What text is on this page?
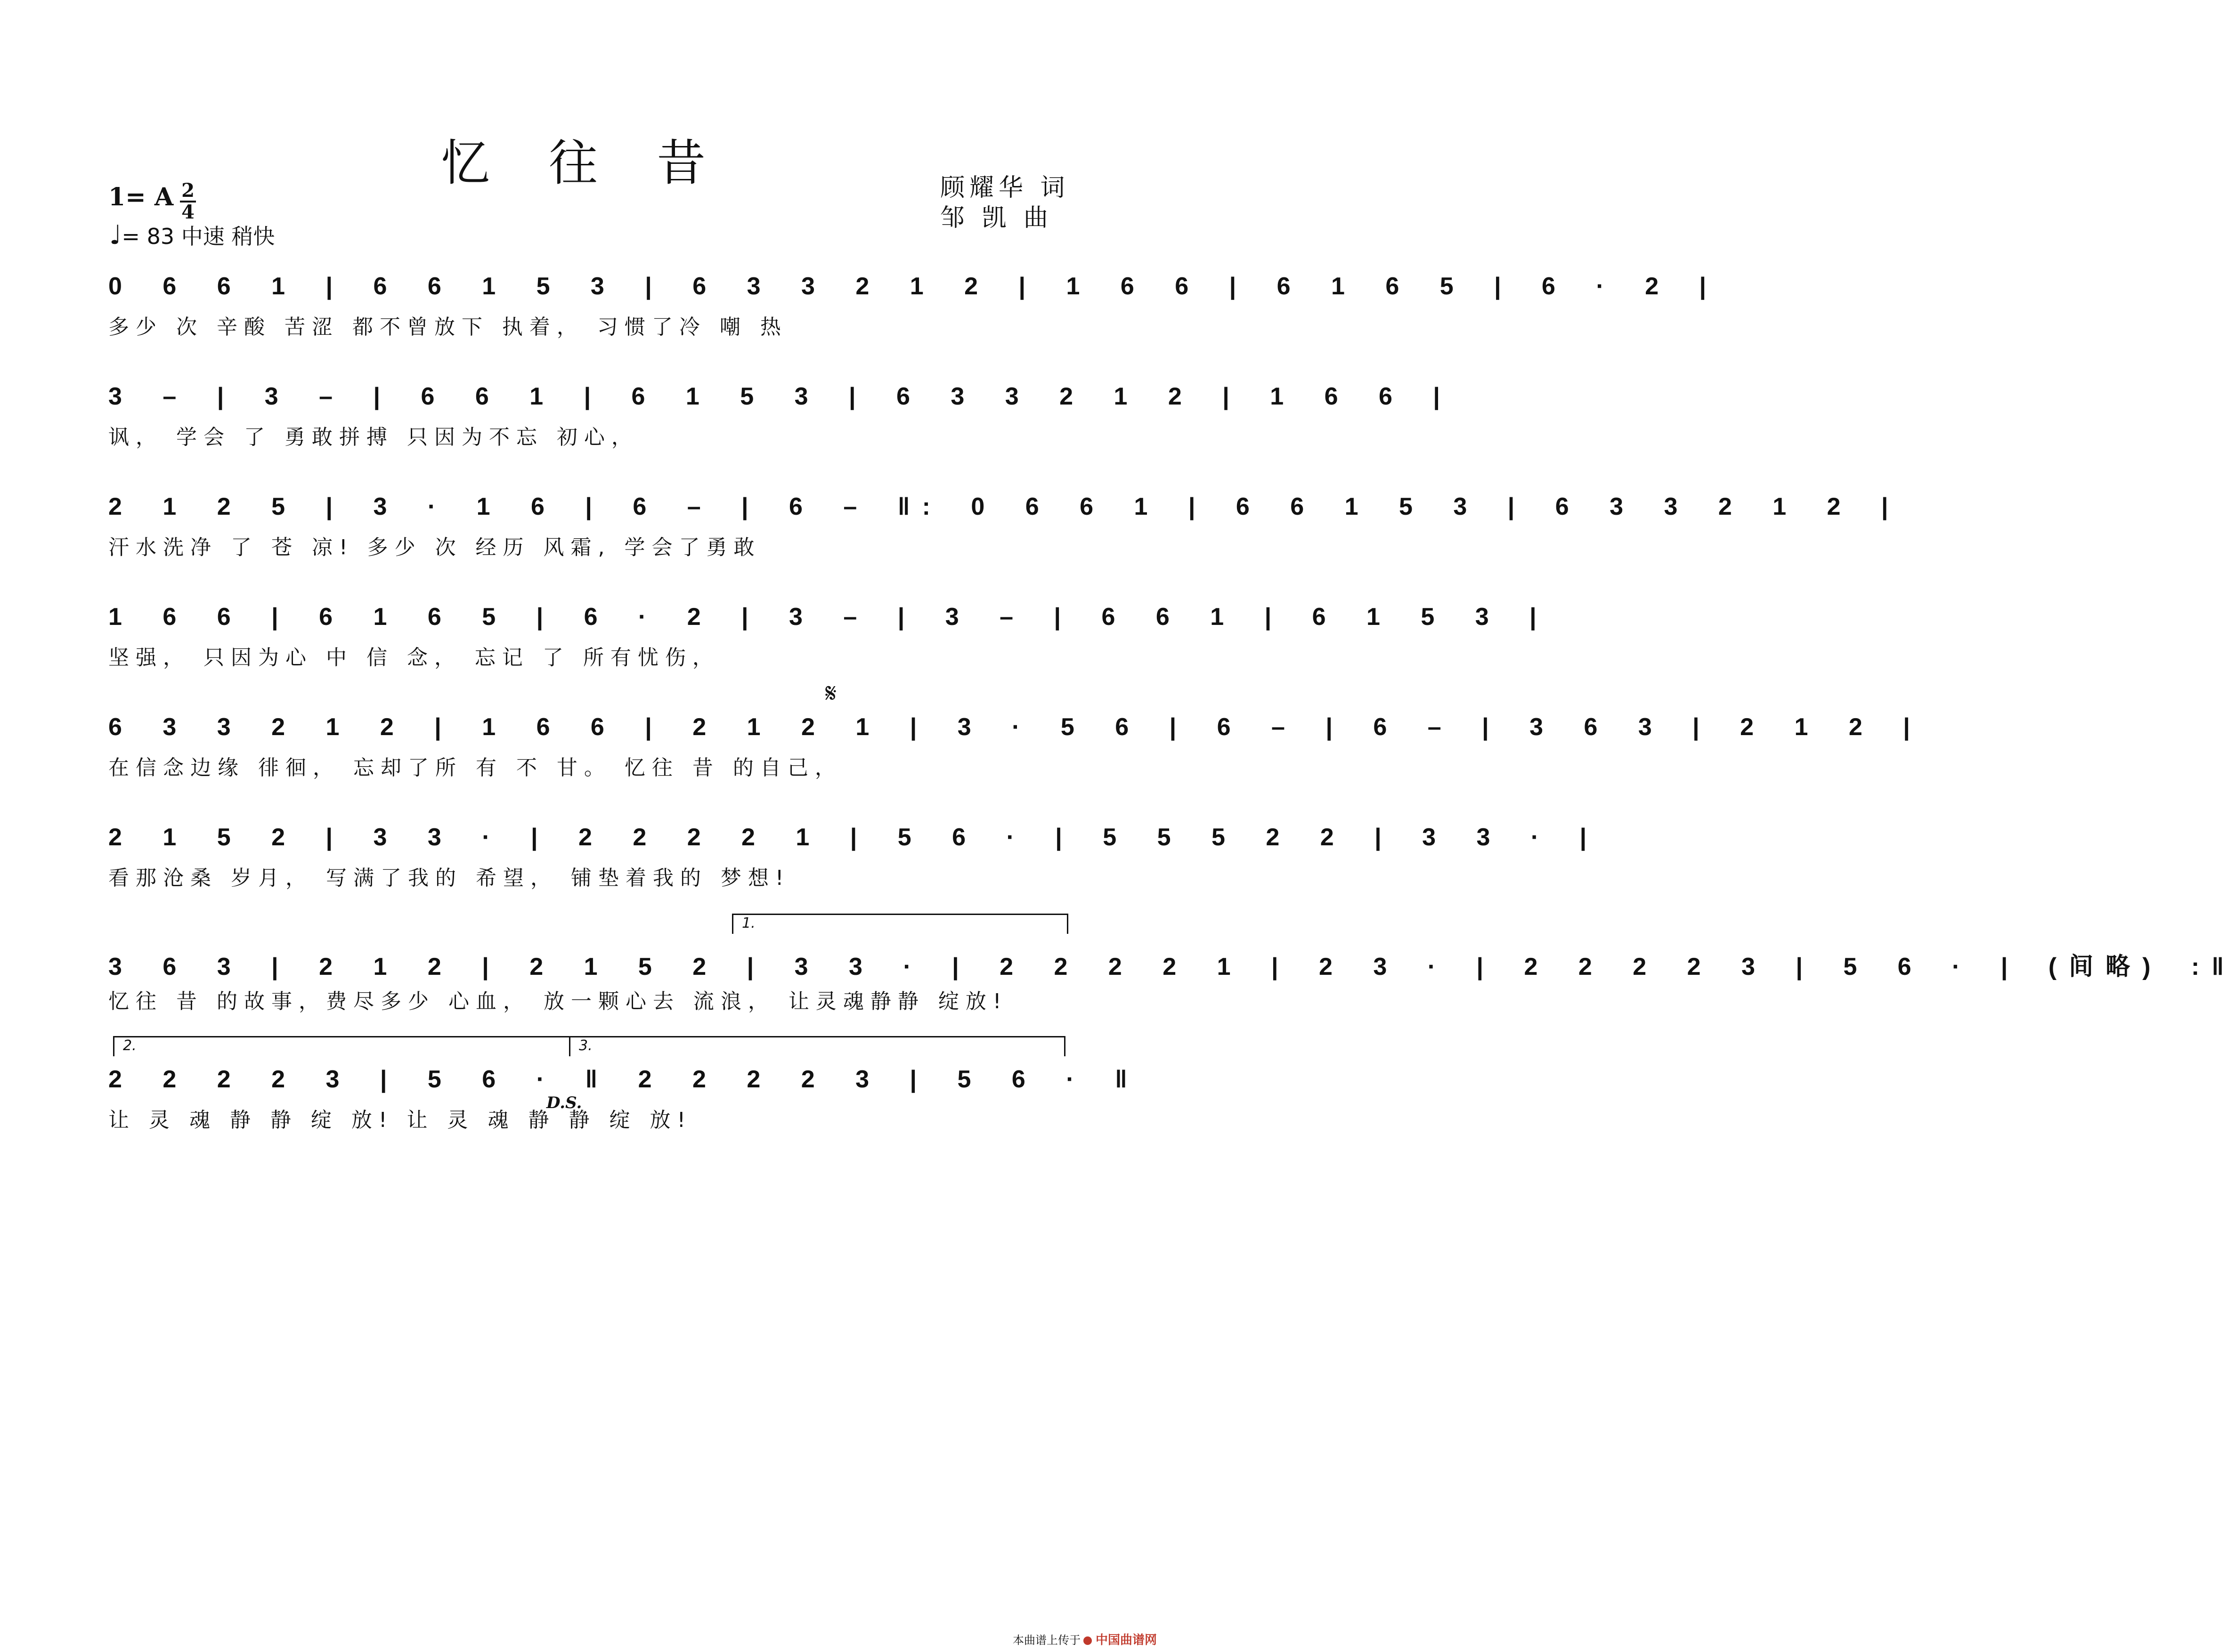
忆 往 昔
1= A 2
4
♩= 83 中速 稍快
顾耀华 词
邹 凯 曲
0 6 6 1 | 6 6 1 5 3 | 6 3 3 2 1 2 | 1 6 6 | 6 1 6 5 | 6 · 2 |
多少 次 辛酸 苦涩 都不曾放下 执着， 习惯了冷 嘲 热
3 – | 3 – | 6 6 1 | 6 1 5 3 | 6 3 3 2 1 2 | 1 6 6 |
讽， 学会 了 勇敢拼搏 只因为不忘 初心，
2 1 2 5 | 3 · 1 6 | 6 – | 6 – ‖: 0 6 6 1 | 6 6 1 5 3 | 6 3 3 2 1 2 |
汗水洗净 了 苍 凉! 多少 次 经历 风霜, 学会了勇敢
1 6 6 | 6 1 6 5 | 6 · 2 | 3 – | 3 – | 6 6 1 | 6 1 5 3 |
坚强， 只因为心 中 信 念， 忘记 了 所有忧伤，
𝄋
6 3 3 2 1 2 | 1 6 6 | 2 1 2 1 | 3 · 5 6 | 6 – | 6 – | 3 6 3 | 2 1 2 |
在信念边缘 徘徊， 忘却了所 有 不 甘。 忆往 昔 的自己，
2 1 5 2 | 3 3 · | 2 2 2 2 1 | 5 6 · | 5 5 5 2 2 | 3 3 · |
看那沧桑 岁月， 写满了我的 希望， 铺垫着我的 梦想!
1.
3 6 3 | 2 1 2 | 2 1 5 2 | 3 3 · | 2 2 2 2 1 | 2 3 · | 2 2 2 2 3 | 5 6 · | (间略) :‖
忆往 昔 的故事，费尽多少 心血， 放一颗心去 流浪， 让灵魂静静 绽放!
2.	3.
2 2 2 2 3 | 5 6 · ‖ 2 2 2 2 3 | 5 6 · ‖
让 灵 魂 静 静 绽 放! 让 灵 魂 静 静 绽 放!
D.S.
本曲谱上传于 中国曲谱网
